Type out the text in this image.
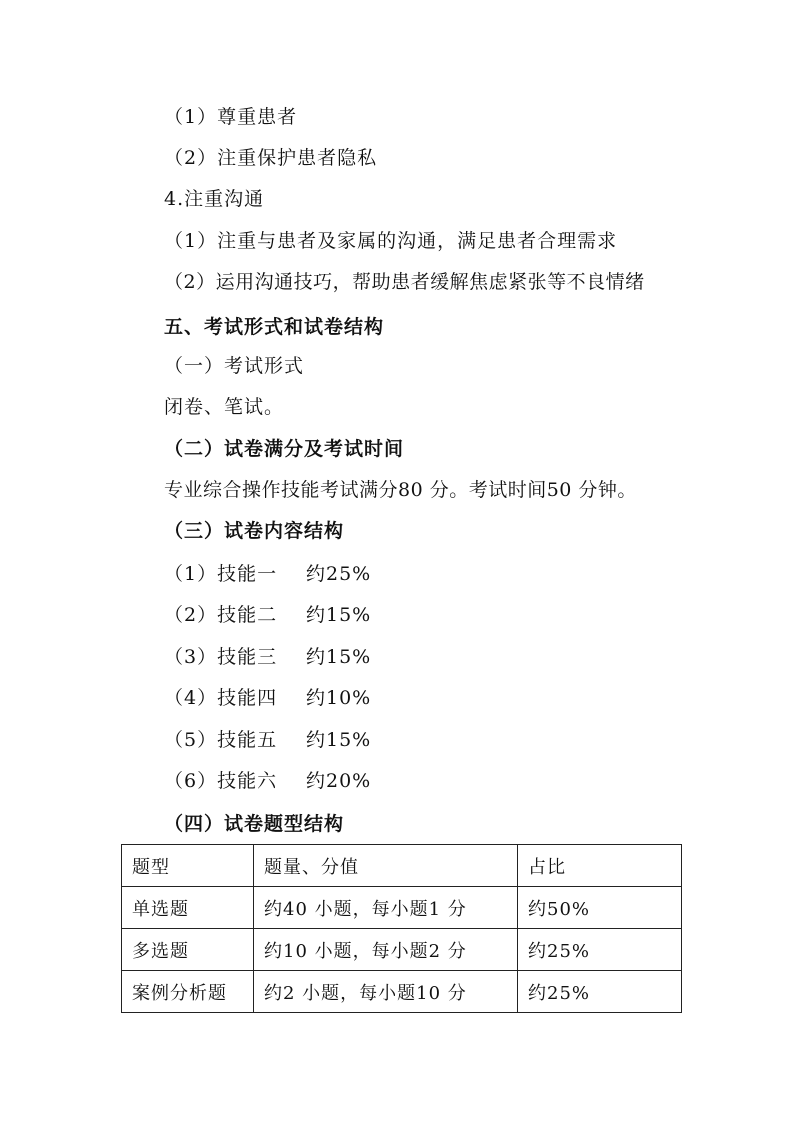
（1）尊重患者
（2）注重保护患者隐私
4.注重沟通
（1）注重与患者及家属的沟通，满足患者合理需求
（2）运用沟通技巧，帮助患者缓解焦虑紧张等不良情绪
五、考试形式和试卷结构
（一）考试形式
闭卷、笔试。
（二）试卷满分及考试时间
专业综合操作技能考试满分80 分。考试时间50 分钟。
（三）试卷内容结构
（1）技能一 约25%
（2）技能二 约15%
（3）技能三 约15%
（4）技能四 约10%
（5）技能五 约15%
（6）技能六 约20%
（四）试卷题型结构
题型	题量、分值	占比
单选题	约40 小题，每小题1 分	约50%
多选题	约10 小题，每小题2 分	约25%
案例分析题	约2 小题，每小题10 分	约25%
